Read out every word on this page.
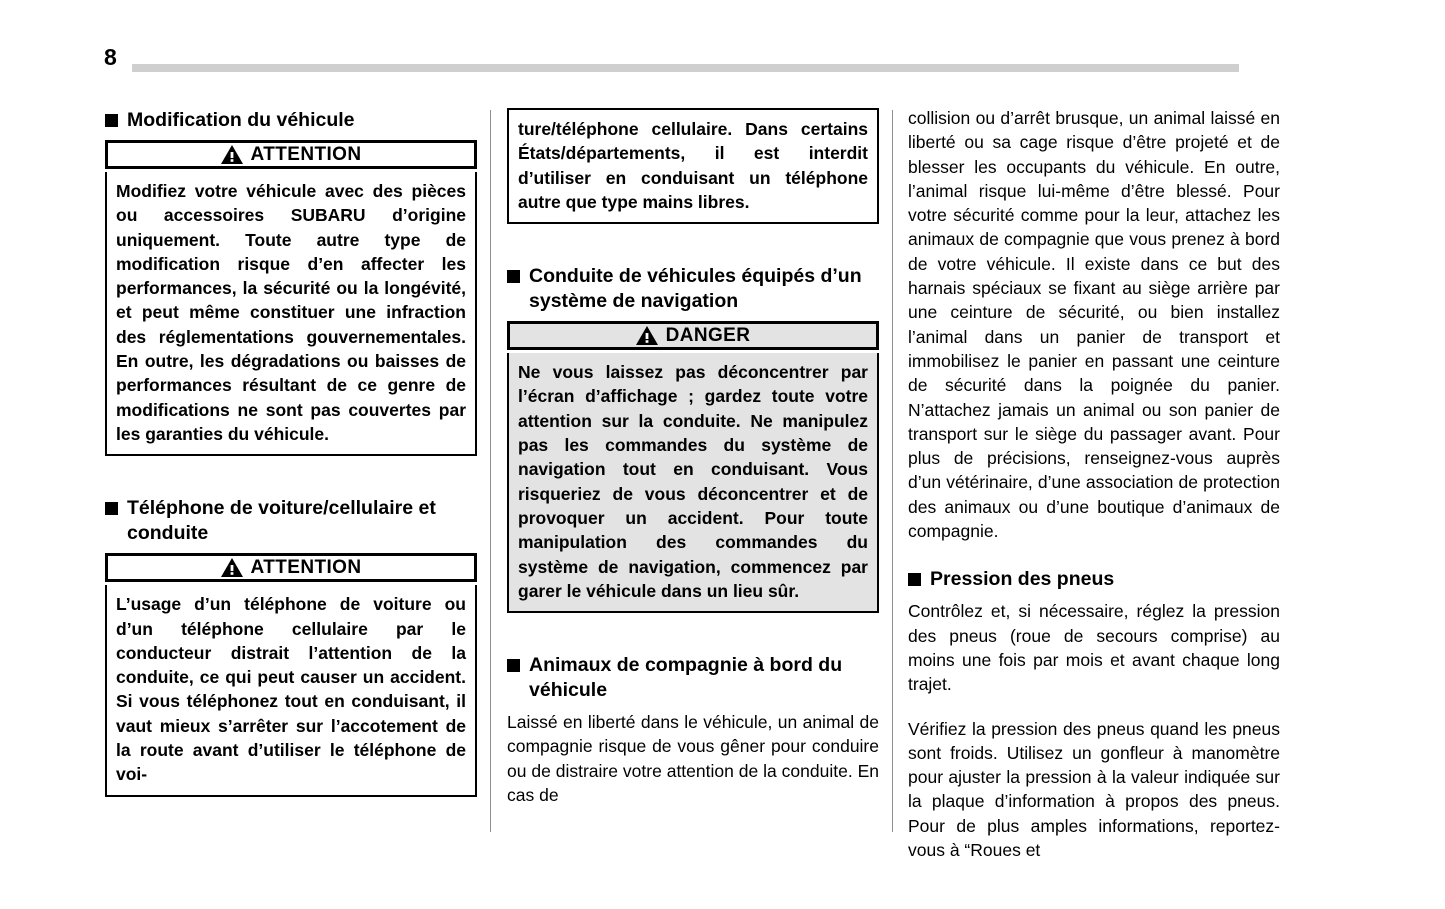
8
Modification du véhicule
ATTENTION

Modifiez votre véhicule avec des pièces ou accessoires SUBARU d’origine uniquement. Toute autre type de modification risque d’en affecter les performances, la sécurité ou la longévité, et peut même constituer une infraction des réglementations gouvernementales. En outre, les dégradations ou baisses de performances résultant de ce genre de modifications ne sont pas couvertes par les garanties du véhicule.

Téléphone de voiture/cellulaire et conduite
ATTENTION

L’usage d’un téléphone de voiture ou d’un téléphone cellulaire par le conducteur distrait l’attention de la conduite, ce qui peut causer un accident. Si vous téléphonez tout en conduisant, il vaut mieux s’arrêter sur l’accotement de la route avant d’utiliser le téléphone de voi-

ture/téléphone cellulaire. Dans certains États/départements, il est interdit d’utiliser en conduisant un téléphone autre que type mains libres.

Conduite de véhicules équipés d’un système de navigation
DANGER

Ne vous laissez pas déconcentrer par l’écran d’affichage ; gardez toute votre attention sur la conduite. Ne manipulez pas les commandes du système de navigation tout en conduisant. Vous risqueriez de vous déconcentrer et de provoquer un accident. Pour toute manipulation des commandes du système de navigation, commencez par garer le véhicule dans un lieu sûr.

Animaux de compagnie à bord du véhicule

Laissé en liberté dans le véhicule, un animal de compagnie risque de vous gêner pour conduire ou de distraire votre attention de la conduite. En cas de

collision ou d’arrêt brusque, un animal laissé en liberté ou sa cage risque d’être projeté et de blesser les occupants du véhicule. En outre, l’animal risque lui-même d’être blessé. Pour votre sécurité comme pour la leur, attachez les animaux de compagnie que vous prenez à bord de votre véhicule. Il existe dans ce but des harnais spéciaux se fixant au siège arrière par une ceinture de sécurité, ou bien installez l’animal dans un panier de transport et immobilisez le panier en passant une ceinture de sécurité dans la poignée du panier. N’attachez jamais un animal ou son panier de transport sur le siège du passager avant. Pour plus de précisions, renseignez-vous auprès d’un vétérinaire, d’une association de protection des animaux ou d’une boutique d’animaux de compagnie.

Pression des pneus

Contrôlez et, si nécessaire, réglez la pression des pneus (roue de secours comprise) au moins une fois par mois et avant chaque long trajet.

Vérifiez la pression des pneus quand les pneus sont froids. Utilisez un gonfleur à manomètre pour ajuster la pression à la valeur indiquée sur la plaque d’information à propos des pneus. Pour de plus amples informations, reportez-vous à “Roues et
